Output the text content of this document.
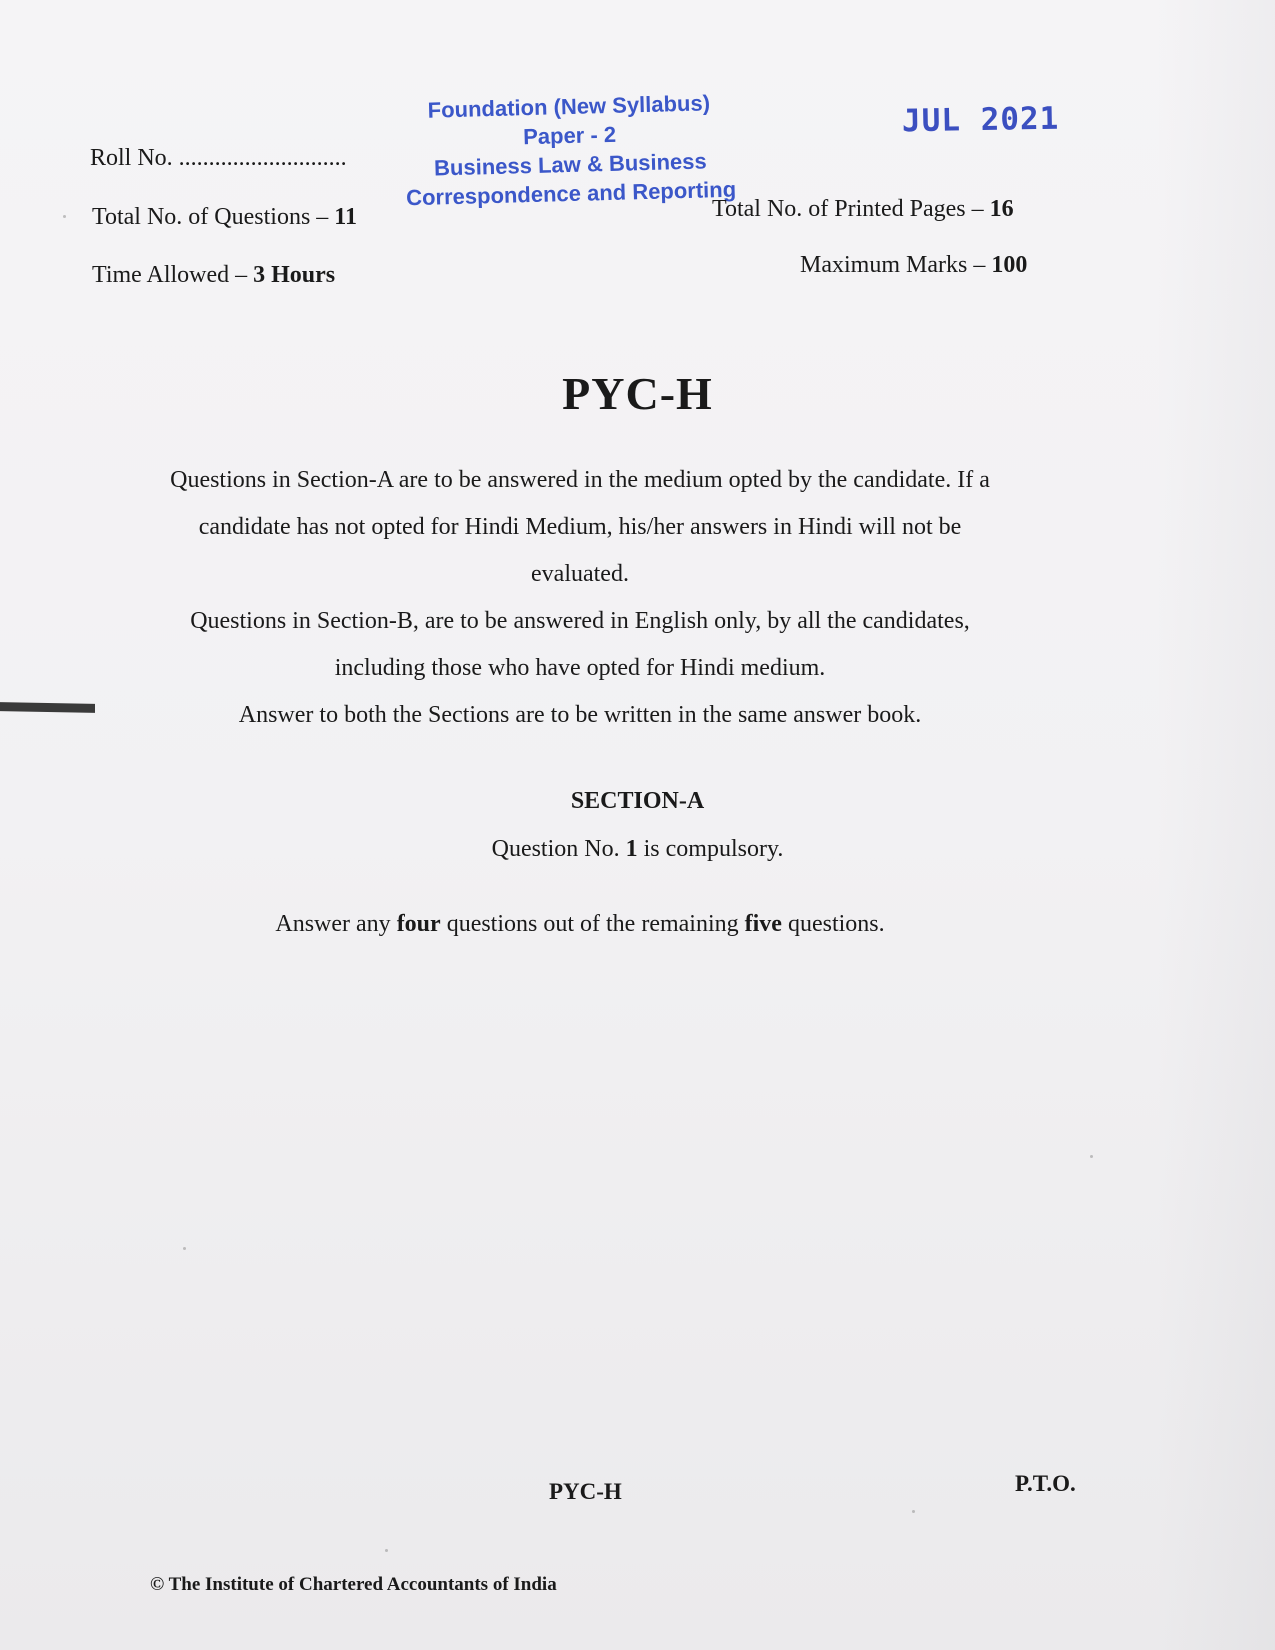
Foundation (New Syllabus)
Paper - 2
Business Law & Business
Correspondence and Reporting
JUL 2021
Roll No. ............................
Total No. of Questions – 11	Total No. of Printed Pages – 16
Time Allowed – 3 Hours	Maximum Marks – 100
PYC-H

Questions in Section-A are to be answered in the medium opted by the candidate. If a

candidate has not opted for Hindi Medium, his/her answers in Hindi will not be

evaluated.

Questions in Section-B, are to be answered in English only, by all the candidates,

including those who have opted for Hindi medium.

Answer to both the Sections are to be written in the same answer book.

SECTION-A
Question No. 1 is compulsory.
Answer any four questions out of the remaining five questions.
PYC-H	P.T.O.
© The Institute of Chartered Accountants of India
